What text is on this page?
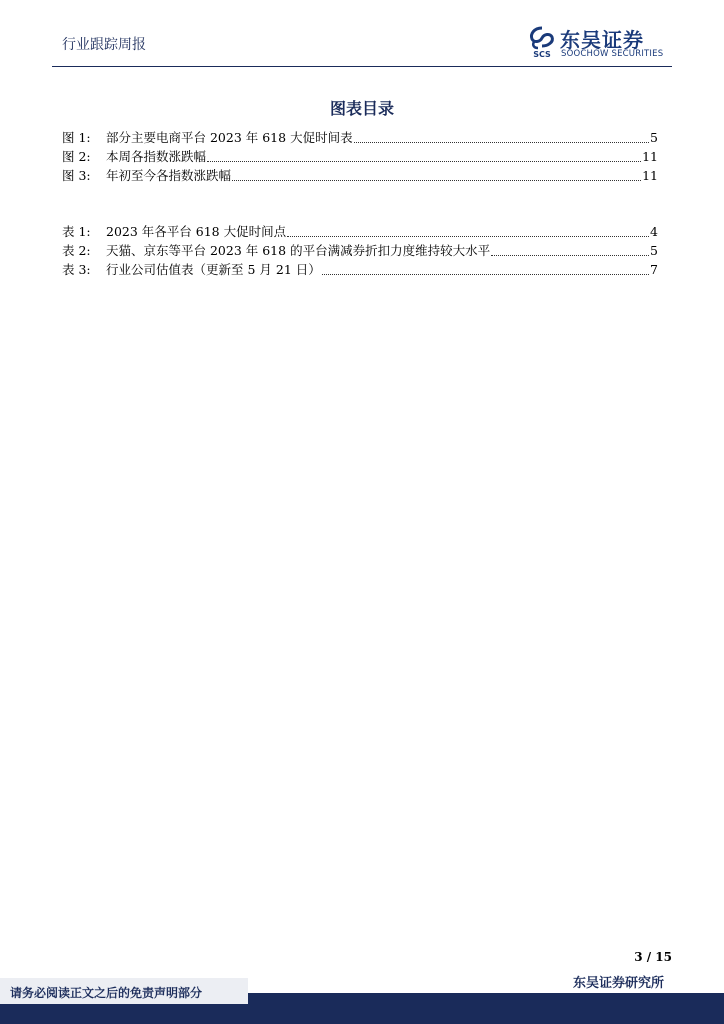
行业跟踪周报
SCS
东吴证券
SOOCHOW SECURITIES
图表目录
图 1:	部分主要电商平台 2023 年 618 大促时间表	5
图 2:	本周各指数涨跌幅	11
图 3:	年初至今各指数涨跌幅	11
表 1:	2023 年各平台 618 大促时间点	4
表 2:	天猫、京东等平台 2023 年 618 的平台满减券折扣力度维持较大水平	5
表 3:	行业公司估值表（更新至 5 月 21 日）	7
3 / 15
请务必阅读正文之后的免责声明部分
东吴证券研究所
